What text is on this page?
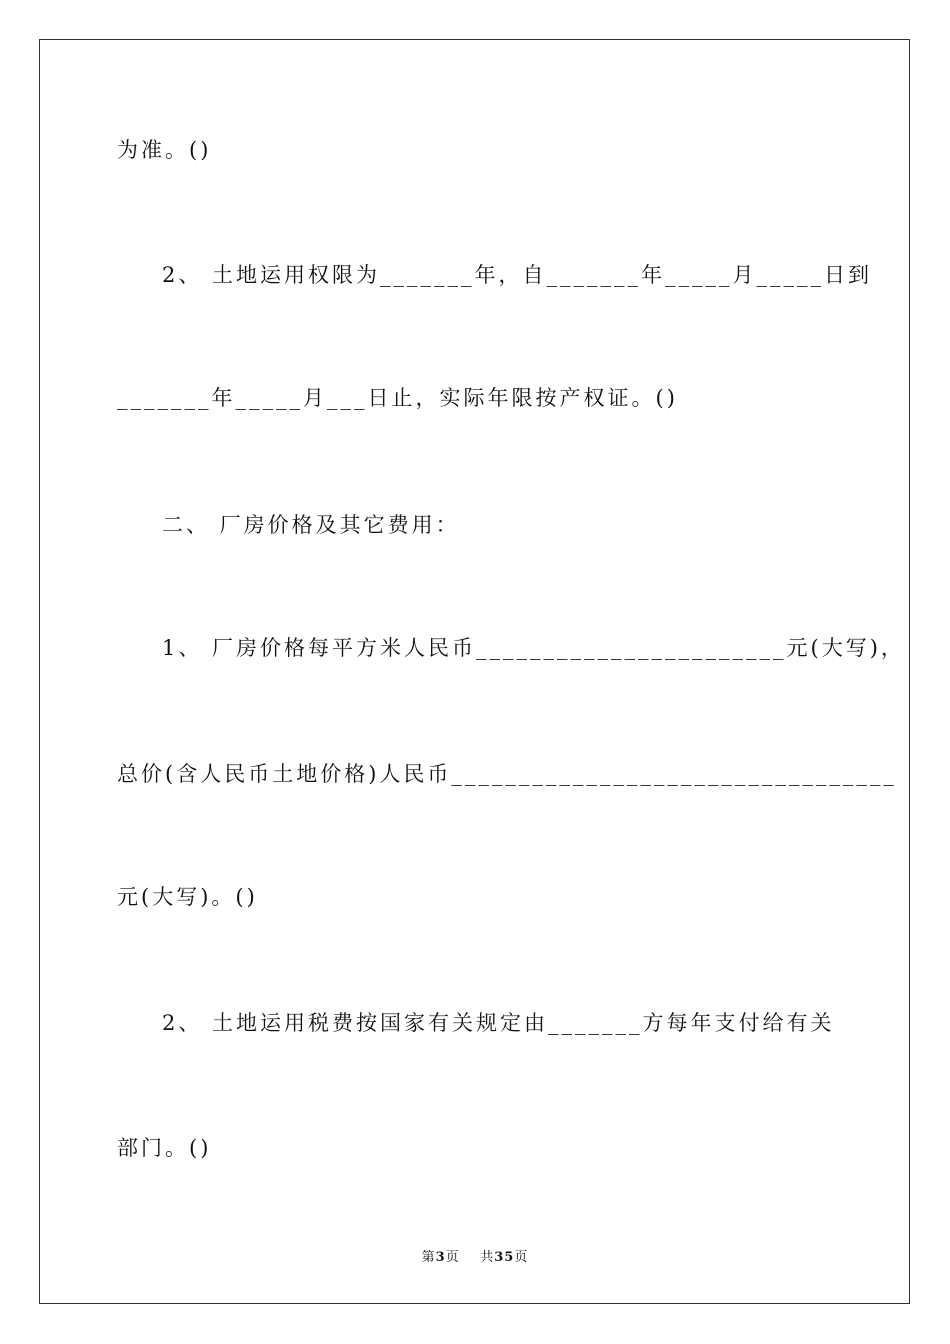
为准。()
2、 土地运用权限为_______年，自_______年_____月_____日到
_______年_____月___日止，实际年限按产权证。()
二、 厂房价格及其它费用：
1、 厂房价格每平方米人民币_______________________元(大写)，
总价(含人民币土地价格)人民币_________________________________
元(大写)。()
2、 土地运用税费按国家有关规定由_______方每年支付给有关
部门。()
第3页 共35页
